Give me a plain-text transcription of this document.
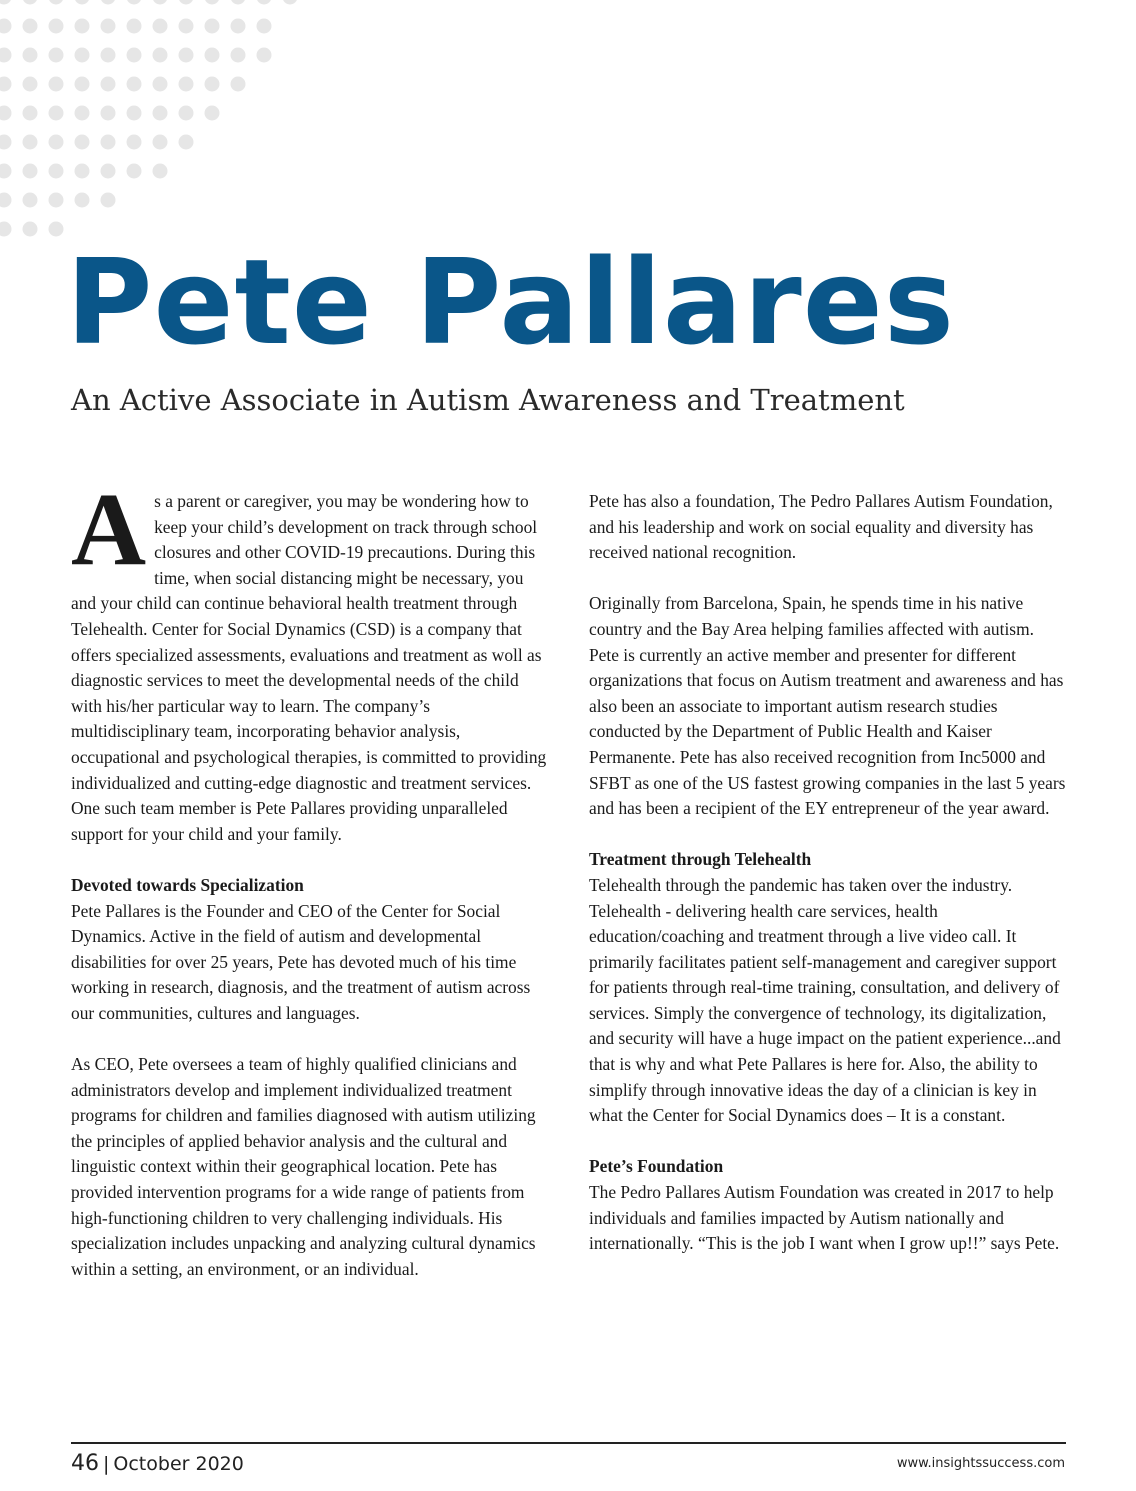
Pete Pallares
An Active Associate in Autism Awareness and Treatment

As a parent or caregiver, you may be wondering how to keep your child’s development on track through school closures and other COVID-19 precautions. During this time, when social distancing might be necessary, you and your child can continue behavioral health treatment through Telehealth. Center for Social Dynamics (CSD) is a company that offers specialized assessments, evaluations and treatment as woll as diagnostic services to meet the developmental needs of the child with his/her particular way to learn. The company’s multidisciplinary team, incorporating behavior analysis, occupational and psychological therapies, is committed to providing individualized and cutting-edge diagnostic and treatment services. One such team member is Pete Pallares providing unparalleled support for your child and your family.

Devoted towards Specialization

Pete Pallares is the Founder and CEO of the Center for Social Dynamics. Active in the field of autism and developmental disabilities for over 25 years, Pete has devoted much of his time working in research, diagnosis, and the treatment of autism across our communities, cultures and languages.

As CEO, Pete oversees a team of highly qualified clinicians and administrators develop and implement individualized treatment programs for children and families diagnosed with autism utilizing the principles of applied behavior analysis and the cultural and linguistic context within their geographical location. Pete has provided intervention programs for a wide range of patients from high-functioning children to very challenging individuals. His specialization includes unpacking and analyzing cultural dynamics within a setting, an environment, or an individual.

Pete has also a foundation, The Pedro Pallares Autism Foundation, and his leadership and work on social equality and diversity has received national recognition.

Originally from Barcelona, Spain, he spends time in his native country and the Bay Area helping families affected with autism. Pete is currently an active member and presenter for different organizations that focus on Autism treatment and awareness and has also been an associate to important autism research studies conducted by the Department of Public Health and Kaiser Permanente. Pete has also received recognition from Inc5000 and SFBT as one of the US fastest growing companies in the last 5 years and has been a recipient of the EY entrepreneur of the year award.

Treatment through Telehealth

Telehealth through the pandemic has taken over the industry. Telehealth - delivering health care services, health education/coaching and treatment through a live video call. It primarily facilitates patient self-management and caregiver support for patients through real-time training, consultation, and delivery of services. Simply the convergence of technology, its digitalization, and security will have a huge impact on the patient experience...and that is why and what Pete Pallares is here for. Also, the ability to simplify through innovative ideas the day of a clinician is key in what the Center for Social Dynamics does – It is a constant.

Pete’s Foundation

The Pedro Pallares Autism Foundation was created in 2017 to help individuals and families impacted by Autism nationally and internationally. “This is the job I want when I grow up!!” says Pete.

46 | October 2020	www.insightssuccess.com
